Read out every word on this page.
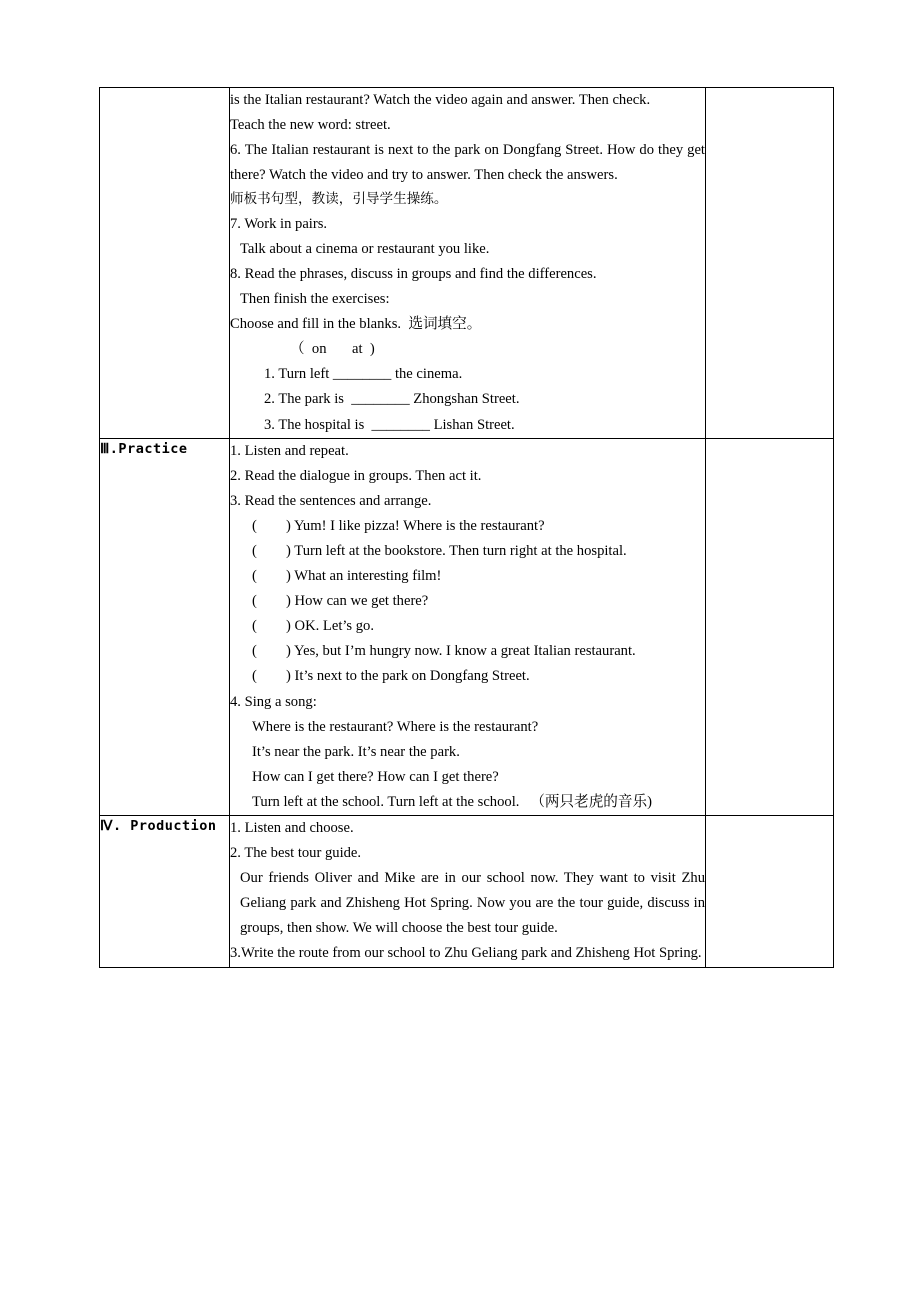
is the Italian restaurant? Watch the video again and answer. Then check.
Teach the new word: street.
6. The Italian restaurant is next to the park on Dongfang Street. How do they get there? Watch the video and try to answer. Then check the answers.
师板书句型，教读，引导学生操练。
7. Work in pairs.
Talk about a cinema or restaurant you like.
8. Read the phrases, discuss in groups and find the differences.
Then finish the exercises:
Choose and fill in the blanks.  选词填空。
（  on       at  )
1. Turn left ________ the cinema.
2. The park is  ________ Zhongshan Street.
3. The hospital is  ________ Lishan Street.

Ⅲ.Practice	1. Listen and repeat.
2. Read the dialogue in groups. Then act it.
3. Read the sentences and arrange.
(        ) Yum! I like pizza! Where is the restaurant?
(        ) Turn left at the bookstore. Then turn right at the hospital.
(        ) What an interesting film!
(        ) How can we get there?
(        ) OK. Let’s go.
(        ) Yes, but I’m hungry now. I know a great Italian restaurant.
(        ) It’s next to the park on Dongfang Street.
4. Sing a song:
Where is the restaurant? Where is the restaurant?
It’s near the park. It’s near the park.
How can I get there? How can I get there?
Turn left at the school. Turn left at the school.   （两只老虎的音乐)

Ⅳ. Production	1. Listen and choose.
2. The best tour guide.
Our friends Oliver and Mike are in our school now. They want to visit Zhu Geliang park and Zhisheng Hot Spring. Now you are the tour guide, discuss in groups, then show. We will choose the best tour guide.
3.Write the route from our school to Zhu Geliang park and Zhisheng Hot Spring.	
